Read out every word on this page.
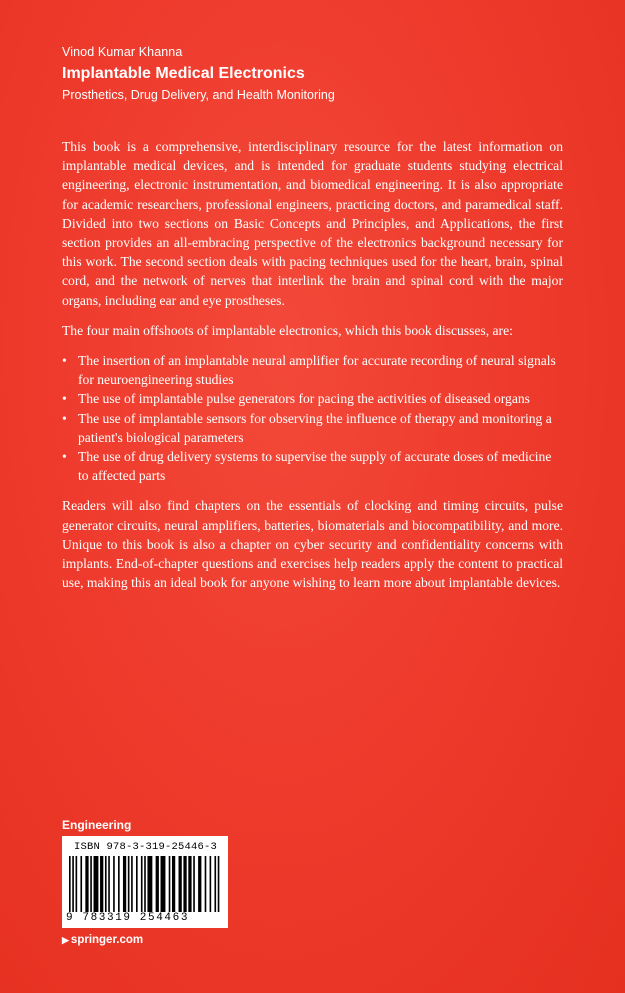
Vinod Kumar Khanna
Implantable Medical Electronics
Prosthetics, Drug Delivery, and Health Monitoring

This book is a comprehensive, interdisciplinary resource for the latest information on implantable medical devices, and is intended for graduate students studying electrical engineering, electronic instrumentation, and biomedical engineering. It is also appropriate for academic researchers, professional engineers, practicing doctors, and paramedical staff. Divided into two sections on Basic Concepts and Principles, and Applications, the first section provides an all-embracing perspective of the electronics background necessary for this work. The second section deals with pacing techniques used for the heart, brain, spinal cord, and the network of nerves that interlink the brain and spinal cord with the major organs, including ear and eye prostheses.

The four main offshoots of implantable electronics, which this book discusses, are:

• The insertion of an implantable neural amplifier for accurate recording of neural signals for neuroengineering studies
• The use of implantable pulse generators for pacing the activities of diseased organs
• The use of implantable sensors for observing the influence of therapy and monitoring a patient's biological parameters
• The use of drug delivery systems to supervise the supply of accurate doses of medicine to affected parts

Readers will also find chapters on the essentials of clocking and timing circuits, pulse generator circuits, neural amplifiers, batteries, biomaterials and biocompatibility, and more. Unique to this book is also a chapter on cyber security and confidentiality concerns with implants. End-of-chapter questions and exercises help readers apply the content to practical use, making this an ideal book for anyone wishing to learn more about implantable devices.

Engineering
ISBN 978-3-319-25446-3
9 783319 254463
▶ springer.com
